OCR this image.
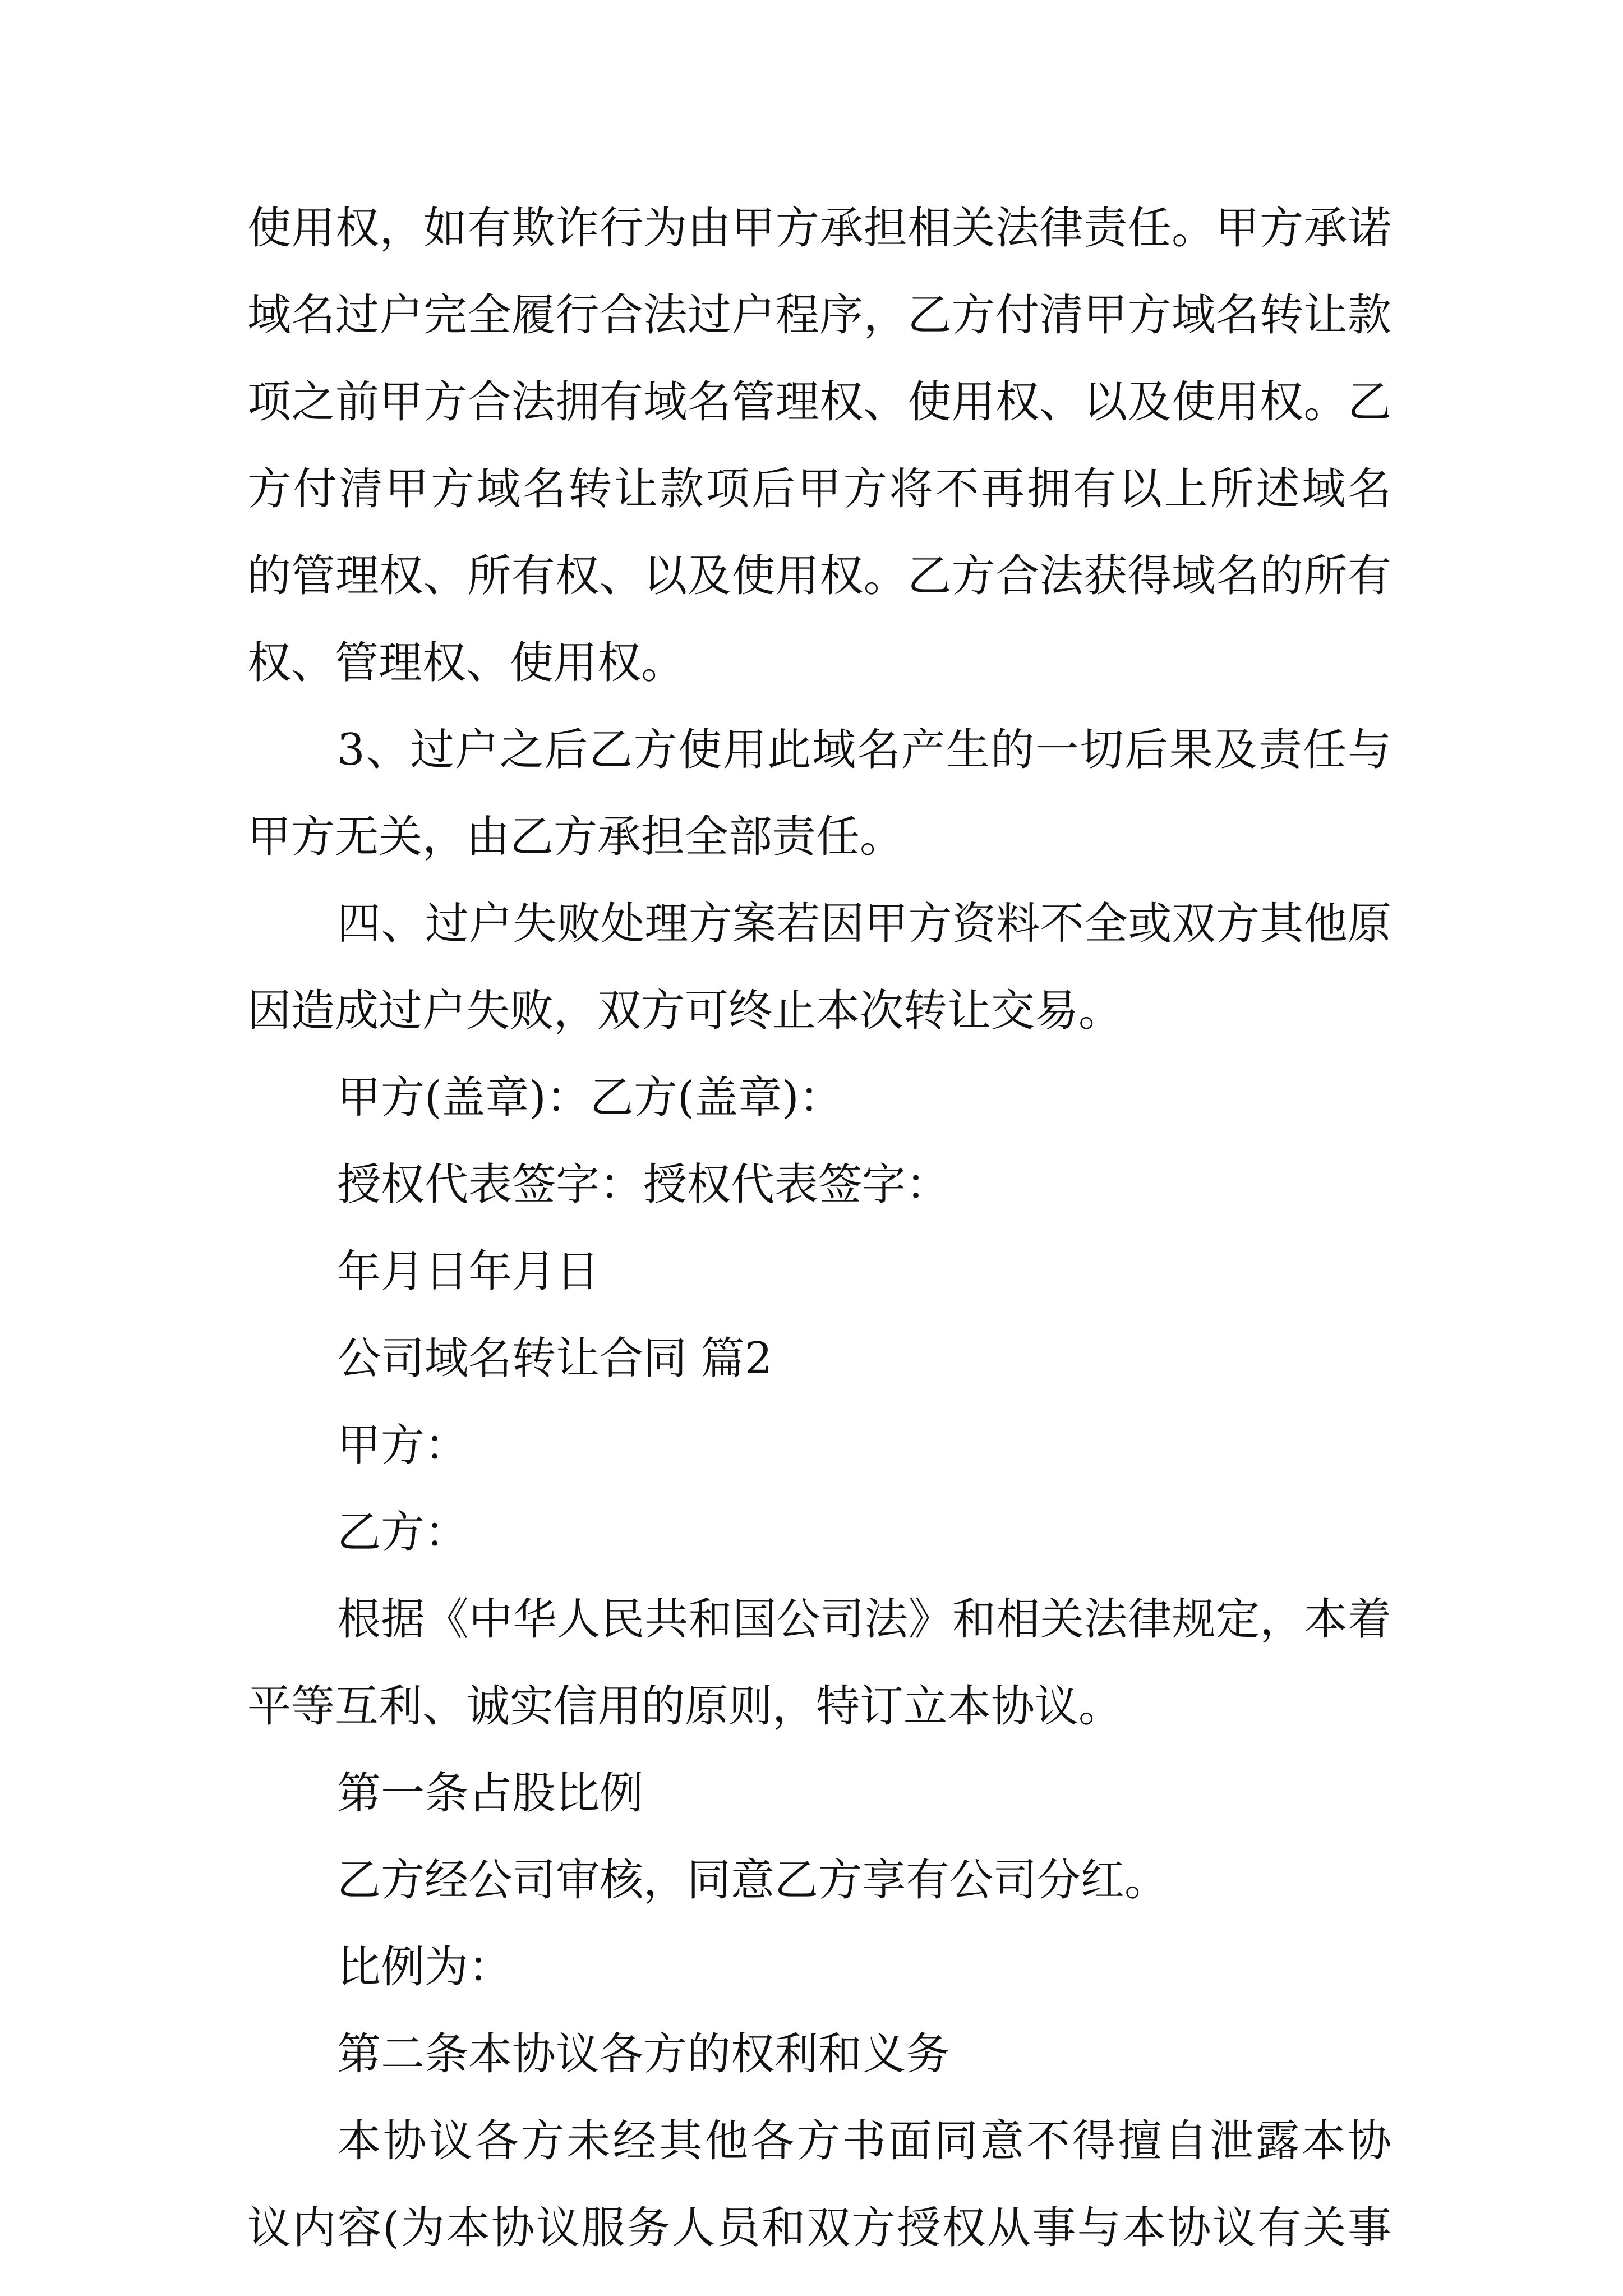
使用权，如有欺诈行为由甲方承担相关法律责任。甲方承诺
域名过户完全履行合法过户程序，乙方付清甲方域名转让款
项之前甲方合法拥有域名管理权、使用权、以及使用权。乙
方付清甲方域名转让款项后甲方将不再拥有以上所述域名
的管理权、所有权、以及使用权。乙方合法获得域名的所有
权、管理权、使用权。
3、过户之后乙方使用此域名产生的一切后果及责任与
甲方无关，由乙方承担全部责任。
四、过户失败处理方案若因甲方资料不全或双方其他原
因造成过户失败，双方可终止本次转让交易。
甲方(盖章)：乙方(盖章)：
授权代表签字：授权代表签字：
年月日年月日
公司域名转让合同 篇2
甲方：
乙方：
根据《中华人民共和国公司法》和相关法律规定，本着
平等互利、诚实信用的原则，特订立本协议。
第一条占股比例
乙方经公司审核，同意乙方享有公司分红。
比例为：
第二条本协议各方的权利和义务
本协议各方未经其他各方书面同意不得擅自泄露本协
议内容(为本协议服务人员和双方授权从事与本协议有关事
